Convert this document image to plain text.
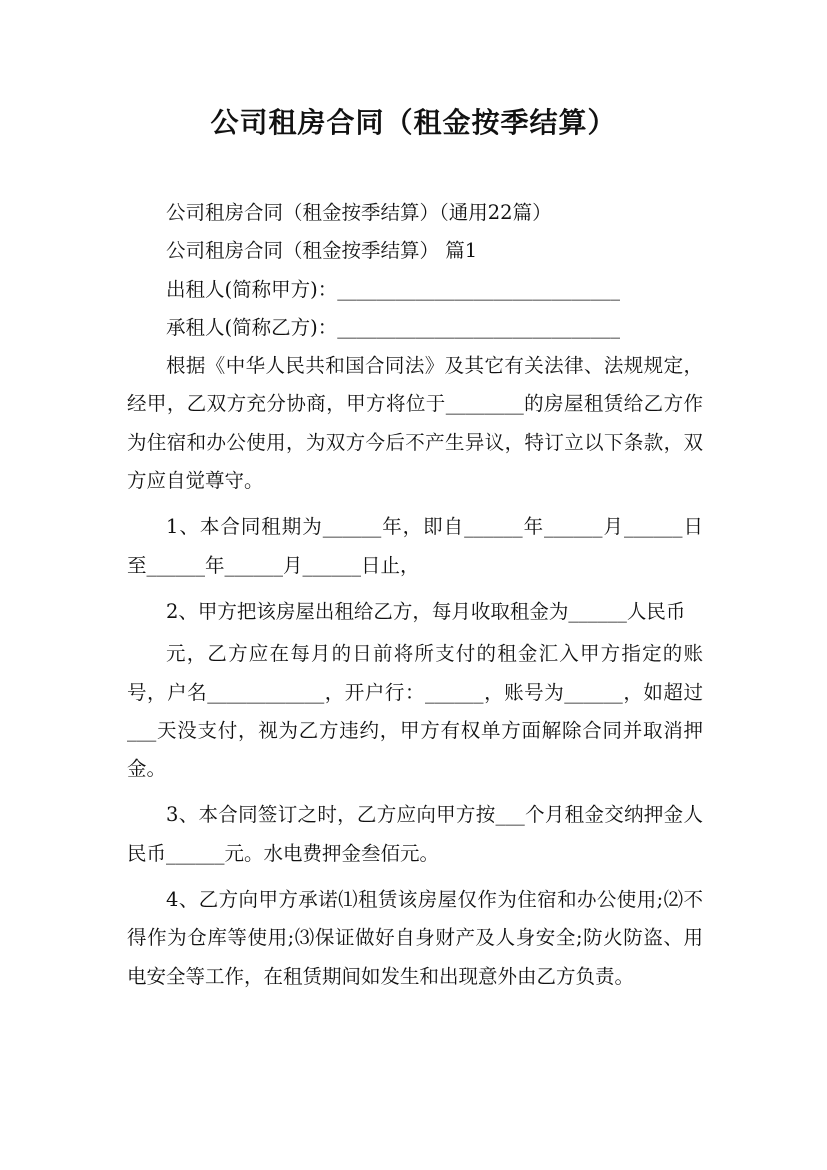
公司租房合同（租金按季结算）

公司租房合同（租金按季结算）（通用22篇）

公司租房合同（租金按季结算） 篇1

出租人(简称甲方)：_____________________________

承租人(简称乙方)：_____________________________

根据《中华人民共和国合同法》及其它有关法律、法规规定，经甲，乙双方充分协商，甲方将位于________的房屋租赁给乙方作为住宿和办公使用，为双方今后不产生异议，特订立以下条款，双方应自觉尊守。

1、本合同租期为______年，即自______年______月______日至______年______月______日止，

2、甲方把该房屋出租给乙方，每月收取租金为______人民币

元，乙方应在每月的日前将所支付的租金汇入甲方指定的账号，户名____________，开户行：______，账号为______，如超过___天没支付，视为乙方违约，甲方有权单方面解除合同并取消押金。

3、本合同签订之时，乙方应向甲方按___个月租金交纳押金人民币______元。水电费押金叁佰元。

4、乙方向甲方承诺⑴租赁该房屋仅作为住宿和办公使用;⑵不得作为仓库等使用;⑶保证做好自身财产及人身安全;防火防盗、用电安全等工作，在租赁期间如发生和出现意外由乙方负责。
